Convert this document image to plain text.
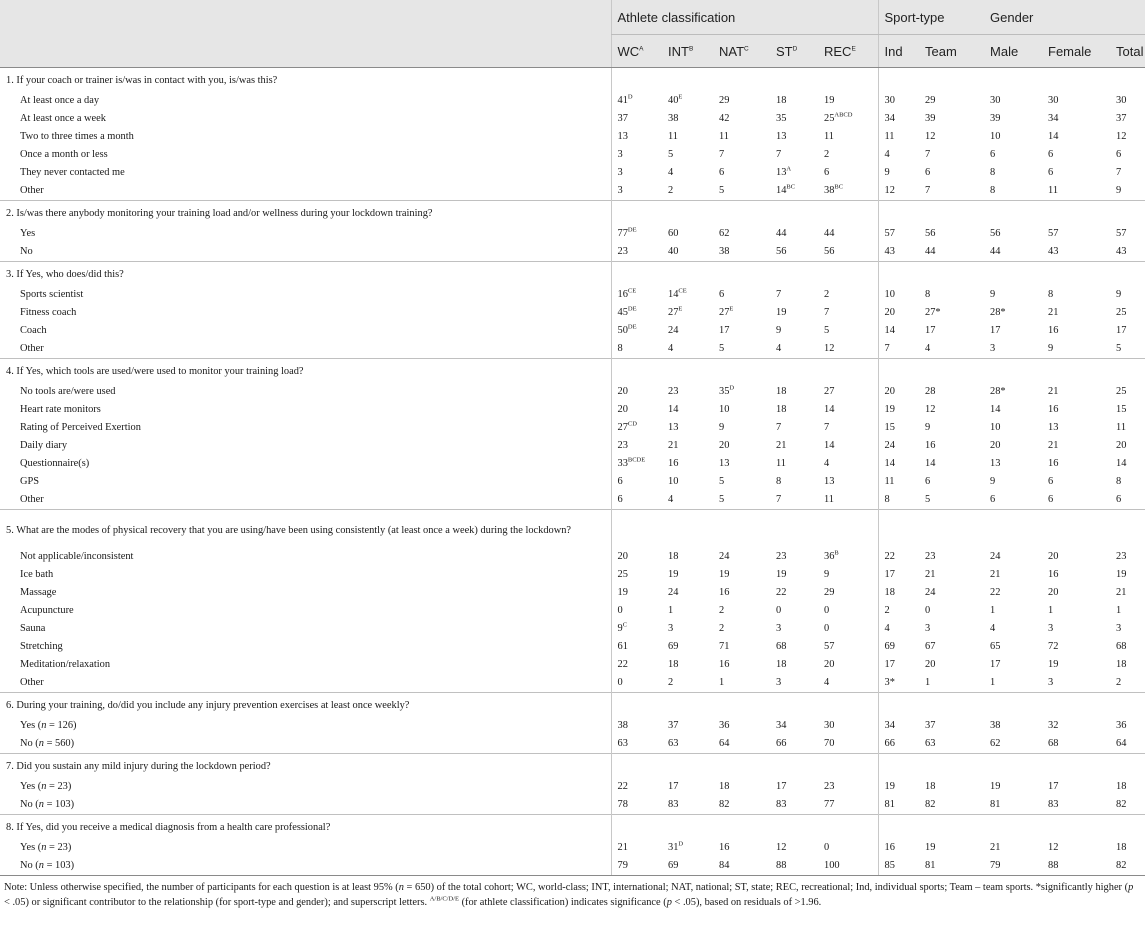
	Athlete classification					Sport-type		Gender		
	$WC^A$	$INT^B$	$NAT^C$	$ST^D$	$REC^E$	Ind	Team	Male	Female	Total
1. If your coach or trainer is/was in contact with you, is/was this?										
At least once a day	$41^D$	$40^E$	29	18	19	30	29	30	30	30
At least once a week	37	38	42	35	$25^{ABCD}$	34	39	39	34	37
Two to three times a month	13	11	11	13	11	11	12	10	14	12
Once a month or less	3	5	7	7	2	4	7	6	6	6
They never contacted me	3	4	6	$13^A$	6	9	6	8	6	7
Other	3	2	5	$14^{BC}$	$38^{BC}$	12	7	8	11	9
2. Is/was there anybody monitoring your training load and/or wellness during your lockdown training?										
Yes	77DE	60	62	44	44	57	56	56	57	57
No	23	40	38	56	56	43	44	44	43	43
3. If Yes, who does/did this?										
Sports scientist	$16^{CE}$	$14^{CE}$	6	7	2	10	8	9	8	9
Fitness coach	45DE	$27^E$	$27^E$	19	7	20	27*	28*	21	25
Coach	50DE	24	17	9	5	14	17	17	16	17
Other	8	4	5	4	12	7	4	3	9	5
4. If Yes, which tools are used/were used to monitor your training load?										
No tools are/were used	20	23	$35^D$	18	27	20	28	28*	21	25
Heart rate monitors	20	14	10	18	14	19	12	14	16	15
Rating of Perceived Exertion	$27^{CD}$	13	9	7	7	15	9	10	13	11
Daily diary	23	21	20	21	14	24	16	20	21	20
Questionnaire(s)	$33^{BCDE}$	16	13	11	4	14	14	13	16	14
GPS	6	10	5	8	13	11	6	9	6	8
Other	6	4	5	7	11	8	5	6	6	6
5. What are the modes of physical recovery that you are using/have been using consistently (at least once a week) during the lockdown?										
Not applicable/inconsistent	20	18	24	23	$36^B$	22	23	24	20	23
Ice bath	25	19	19	19	9	17	21	21	16	19
Massage	19	24	16	22	29	18	24	22	20	21
Acupuncture	0	1	2	0	0	2	0	1	1	1
Sauna	$9^C$	3	2	3	0	4	3	4	3	3
Stretching	61	69	71	68	57	69	67	65	72	68
Meditation/relaxation	22	18	16	18	20	17	20	17	19	18
Other	0	2	1	3	4	3*	1	1	3	2
6. During your training, do/did you include any injury prevention exercises at least once weekly?										
Yes (n = 126)	38	37	36	34	30	34	37	38	32	36
No (n = 560)	63	63	64	66	70	66	63	62	68	64
7. Did you sustain any mild injury during the lockdown period?										
Yes (n = 23)	22	17	18	17	23	19	18	19	17	18
No (n = 103)	78	83	82	83	77	81	82	81	83	82
8. If Yes, did you receive a medical diagnosis from a health care professional?										
Yes (n = 23)	21	$31^D$	16	12	0	16	19	21	12	18
No (n = 103)	79	69	84	88	100	85	81	79	88	82
Note: Unless otherwise specified, the number of participants for each question is at least 95% (n = 650) of the total cohort; WC, world-class; INT, international; NAT, national; ST, state; REC, recreational; Ind, individual sports; Team – team sports. *significantly higher (p < .05) or significant contributor to the relationship (for sport-type and gender); and superscript letters. $^{A/B/C/D/E}$ (for athlete classification) indicates significance (p < .05), based on residuals of >1.96.
